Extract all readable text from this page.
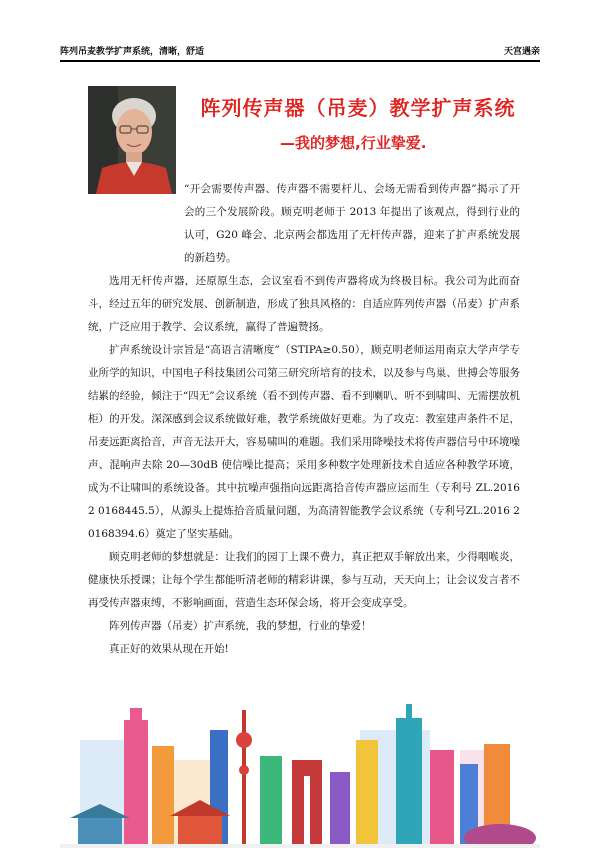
阵列吊麦教学扩声系统，清晰，舒适	天宫遇亲
阵列传声器（吊麦）教学扩声系统
—我的梦想,行业挚爱.

“开会需要传声器、传声器不需要杆儿、会场无需看到传声器”揭示了开会的三个发展阶段。顾克明老师于 2013 年提出了该观点，得到行业的认可，G20 峰会、北京两会都选用了无杆传声器，迎来了扩声系统发展的新趋势。

选用无杆传声器，还原原生态，会议室看不到传声器将成为终极目标。我公司为此而奋斗，经过五年的研究发展、创新制造，形成了独具风格的：自适应阵列传声器（吊麦）扩声系统，广泛应用于教学、会议系统，赢得了普遍赞扬。

扩声系统设计宗旨是“高语言清晰度”（STIPA≥0.50），顾克明老师运用南京大学声学专业所学的知识，中国电子科技集团公司第三研究所培育的技术，以及参与鸟巢、世搏会等服务结累的经验，倾注于“四无”会议系统（看不到传声器、看不到喇叭、听不到啸叫、无需摆放机柜）的开发。深深感到会议系统做好难，教学系统做好更难。为了攻克：教室建声条件不足，吊麦远距离拾音，声音无法开大，容易啸叫的难题。我们采用降噪技术将传声器信号中环境噪声、混响声去除 20—30dB 使信噪比提高；采用多种数字处理新技术自适应各种教学环境，成为不让啸叫的系统设备。其中抗噪声强指向远距离拾音传声器应运而生（专利号 ZL.2016 2 0168445.5），从源头上提炼拾音质量问题，为高清智能教学会议系统（专利号ZL.2016 2 0168394.6）奠定了坚实基础。

顾克明老师的梦想就是：让我们的园丁上课不费力，真正把双手解放出来，少得咽喉炎，健康快乐授课；让每个学生都能听清老师的精彩讲课，参与互动，天天向上；让会议发言者不再受传声器束缚，不影响画面，营造生态环保会场，将开会变成享受。

阵列传声器（吊麦）扩声系统，我的梦想，行业的挚爱！

真正好的效果从现在开始!
